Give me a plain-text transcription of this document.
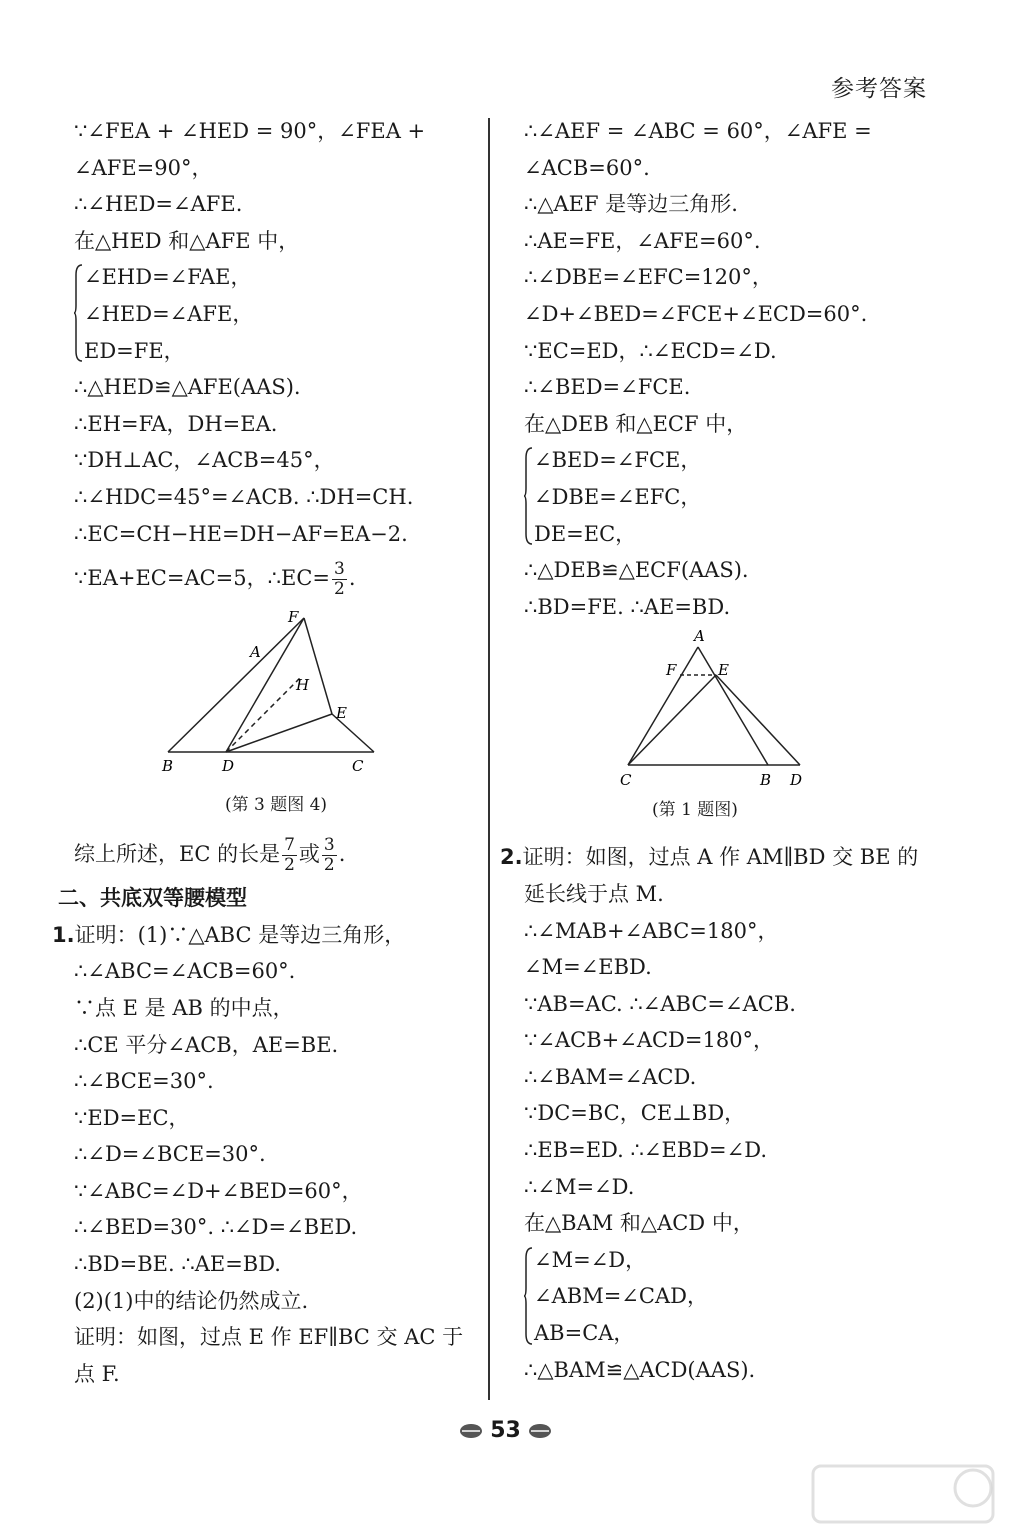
参考答案
∵∠FEA + ∠HED = 90°，∠FEA +
∠AFE=90°，
∴∠HED=∠AFE.
在△HED 和△AFE 中，
∠EHD=∠FAE，
∠HED=∠AFE，
ED=FE，
∴△HED≌△AFE(AAS).
∴EH=FA，DH=EA.
∵DH⊥AC，∠ACB=45°，
∴∠HDC=45°=∠ACB. ∴DH=CH.
∴EC=CH−HE=DH−AF=EA−2.
∵EA+EC=AC=5，∴EC= $\frac{3}{2}$ .
F
A
H
E
B	D	C
(第 3 题图 4)
综上所述，EC 的长是 $\frac{7}{2}$ 或 $\frac{3}{2}$ .
二、共底双等腰模型
1.证明：(1)∵△ABC 是等边三角形，
∴∠ABC=∠ACB=60°.
∵点 E 是 AB 的中点，
∴CE 平分∠ACB，AE=BE.
∴∠BCE=30°.
∵ED=EC，
∴∠D=∠BCE=30°.
∵∠ABC=∠D+∠BED=60°，
∴∠BED=30°. ∴∠D=∠BED.
∴BD=BE. ∴AE=BD.
(2)(1)中的结论仍然成立.
证明：如图，过点 E 作 EF∥BC 交 AC 于
点 F.
∴∠AEF = ∠ABC = 60°，∠AFE =
∠ACB=60°.
∴△AEF 是等边三角形.
∴AE=FE，∠AFE=60°.
∴∠DBE=∠EFC=120°，
∠D+∠BED=∠FCE+∠ECD=60°.
∵EC=ED，∴∠ECD=∠D.
∴∠BED=∠FCE.
在△DEB 和△ECF 中，
∠BED=∠FCE，
∠DBE=∠EFC，
DE=EC，
∴△DEB≌△ECF(AAS).
∴BD=FE. ∴AE=BD.
A
F	E
C	B D
(第 1 题图)
2.证明：如图，过点 A 作 AM∥BD 交 BE 的
延长线于点 M.
∴∠MAB+∠ABC=180°，
∠M=∠EBD.
∵AB=AC. ∴∠ABC=∠ACB.
∵∠ACB+∠ACD=180°，
∴∠BAM=∠ACD.
∵DC=BC，CE⊥BD，
∴EB=ED. ∴∠EBD=∠D.
∴∠M=∠D.
在△BAM 和△ACD 中，
∠M=∠D，
∠ABM=∠CAD，
AB=CA，
∴△BAM≌△ACD(AAS).
53
